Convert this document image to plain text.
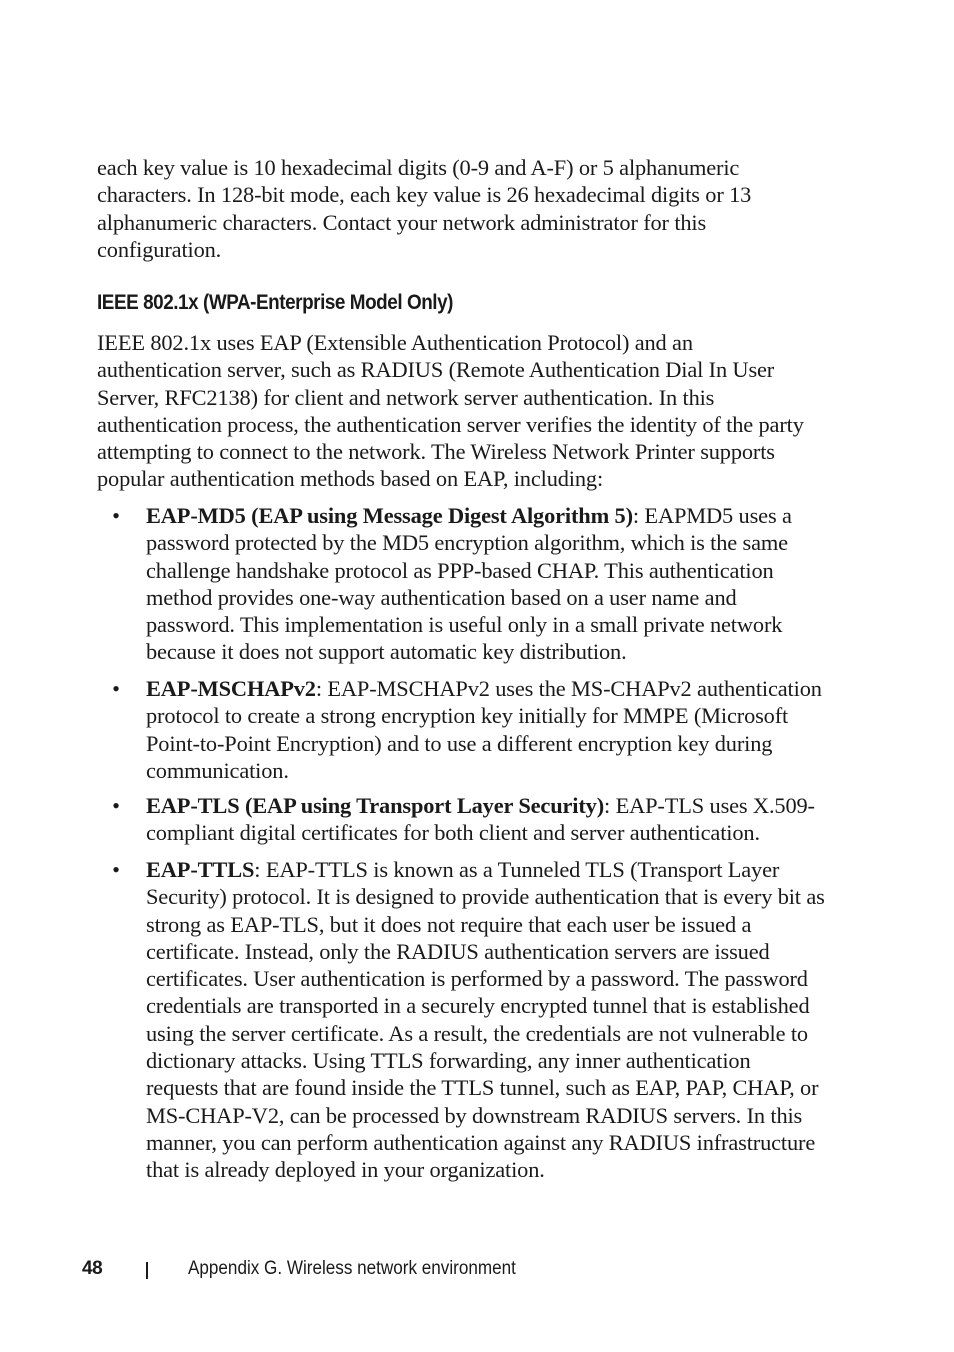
each key value is 10 hexadecimal digits (0-9 and A-F) or 5 alphanumeric characters. In 128-bit mode, each key value is 26 hexadecimal digits or 13 alphanumeric characters. Contact your network administrator for this configuration.

IEEE 802.1x (WPA-Enterprise Model Only)

IEEE 802.1x uses EAP (Extensible Authentication Protocol) and an authentication server, such as RADIUS (Remote Authentication Dial In User Server, RFC2138) for client and network server authentication. In this authentication process, the authentication server verifies the identity of the party attempting to connect to the network. The Wireless Network Printer supports popular authentication methods based on EAP, including:

• EAP-MD5 (EAP using Message Digest Algorithm 5): EAPMD5 uses a password protected by the MD5 encryption algorithm, which is the same challenge handshake protocol as PPP-based CHAP. This authentication method provides one-way authentication based on a user name and password. This implementation is useful only in a small private network because it does not support automatic key distribution.

• EAP-MSCHAPv2: EAP-MSCHAPv2 uses the MS-CHAPv2 authentication protocol to create a strong encryption key initially for MMPE (Microsoft Point-to-Point Encryption) and to use a different encryption key during communication.

• EAP-TLS (EAP using Transport Layer Security): EAP-TLS uses X.509-compliant digital certificates for both client and server authentication.

• EAP-TTLS: EAP-TTLS is known as a Tunneled TLS (Transport Layer Security) protocol. It is designed to provide authentication that is every bit as strong as EAP-TLS, but it does not require that each user be issued a certificate. Instead, only the RADIUS authentication servers are issued certificates. User authentication is performed by a password. The password credentials are transported in a securely encrypted tunnel that is established using the server certificate. As a result, the credentials are not vulnerable to dictionary attacks. Using TTLS forwarding, any inner authentication requests that are found inside the TTLS tunnel, such as EAP, PAP, CHAP, or MS-CHAP-V2, can be processed by downstream RADIUS servers. In this manner, you can perform authentication against any RADIUS infrastructure that is already deployed in your organization.

48	Appendix G. Wireless network environment
